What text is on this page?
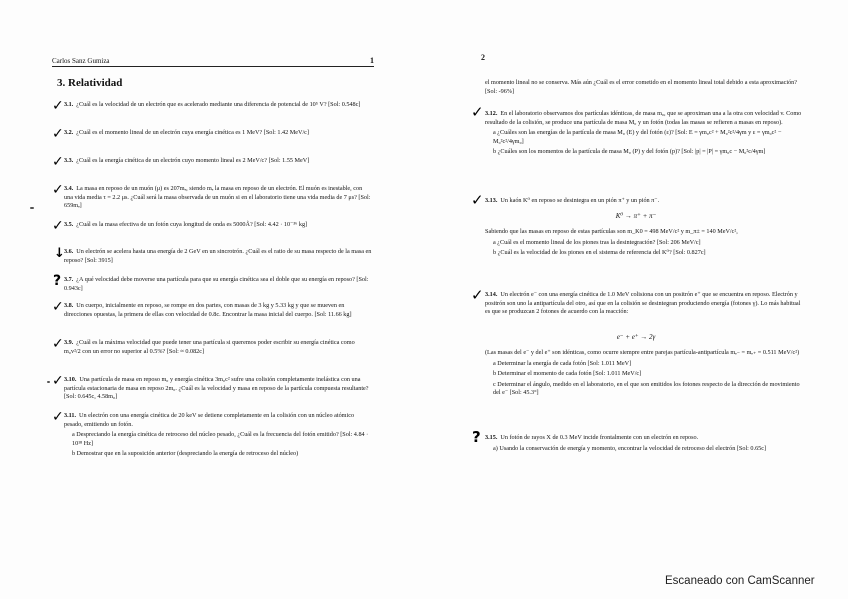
Carlos Sanz Gumiza	1
3. Relatividad
3.1. ¿Cuál es la velocidad de un electrón que es acelerado mediante una diferencia de potencial de 10⁵ V? [Sol: 0.548c]
3.2. ¿Cuál es el momento lineal de un electrón cuya energía cinética es 1 MeV? [Sol: 1.42 MeV/c]
3.3. ¿Cuál es la energía cinética de un electrón cuyo momento lineal es 2 MeV/c? [Sol: 1.55 MeV]
3.4. La masa en reposo de un muón (μ) es 207mₑ, siendo mₑ la masa en reposo de un electrón. El muón es inestable, con una vida media τ = 2.2 μs. ¿Cuál será la masa observada de un muón si en el laboratorio tiene una vida media de 7 μs? [Sol: 659mₑ]
3.5. ¿Cuál es la masa efectiva de un fotón cuya longitud de onda es 5000Å? [Sol: 4.42 · 10⁻³⁶ kg]
3.6. Un electrón se acelera hasta una energía de 2 GeV en un sincrotrón. ¿Cuál es el ratio de su masa respecto de la masa en reposo? [Sol: 3915]
3.7. ¿A qué velocidad debe moverse una partícula para que su energía cinética sea el doble que su energía en reposo? [Sol: 0.943c]
3.8. Un cuerpo, inicialmente en reposo, se rompe en dos partes, con masas de 3 kg y 5.33 kg y que se mueven en direcciones opuestas, la primera de ellas con velocidad de 0.8c. Encontrar la masa inicial del cuerpo. [Sol: 11.66 kg]
3.9. ¿Cuál es la máxima velocidad que puede tener una partícula si queremos poder escribir su energía cinética como m₀v²/2 con un error no superior al 0.5%? [Sol: ≈ 0.082c]
3.10. Una partícula de masa en reposo m₀ y energía cinética 3m₀c² sufre una colisión completamente inelástica con una partícula estacionaria de masa en reposo 2m₀. ¿Cuál es la velocidad y masa en reposo de la partícula compuesta resultante? [Sol: 0.645c, 4.58m₀]
3.11. Un electrón con una energía cinética de 20 keV se detiene completamente en la colisión con un núcleo atómico pesado, emitiendo un fotón.
a Despreciando la energía cinética de retroceso del núcleo pesado, ¿Cuál es la frecuencia del fotón emitido? [Sol: 4.84 · 10¹⁸ Hz]
b Demostrar que en la suposición anterior (despreciando la energía de retroceso del núcleo)
✓
✓
✓
✓
✓
↓
?
✓
✓
✓
✓
2
el momento lineal no se conserva. Más aún ¿Cuál es el error cometido en el momento lineal total debido a esta aproximación? [Sol: -96%]
3.12. En el laboratorio observamos dos partículas idénticas, de masa m₀, que se aproximan una a la otra con velocidad v. Como resultado de la colisión, se produce una partícula de masa M₀ y un fotón (todas las masas se refieren a masas en reposo).
a ¿Cuáles son las energías de la partícula de masa M₀ (E) y del fotón (ε)? [Sol: E = γm₀c² + M₀²c²/4γm y ε = γm₀c² − M₀²c²/4γm₀]
b ¿Cuáles son los momentos de la partícula de masa M₀ (P) y del fotón (p)? [Sol: |p| = |P| = γm₀c − M₀²c/4γm]
3.13. Un kaón K⁰ en reposo se desintegra en un pión π⁺ y un pión π⁻.
K⁰ → π⁺ + π⁻
Sabiendo que las masas en reposo de estas partículas son m_K0 = 498 MeV/c² y m_π± = 140 MeV/c²,
a ¿Cuál es el momento lineal de los piones tras la desintegración? [Sol: 206 MeV/c]
b ¿Cuál es la velocidad de los piones en el sistema de referencia del K⁰? [Sol: 0.827c]
3.14. Un electrón e⁻ con una energía cinética de 1.0 MeV colisiona con un positrón e⁺ que se encuentra en reposo. Electrón y positrón son uno la antipartícula del otro, así que en la colisión se desintegran produciendo energía (fotones γ). Lo más habitual es que se produzcan 2 fotones de acuerdo con la reacción:
e⁻ + e⁺ → 2γ
(Las masas del e⁻ y del e⁺ son idénticas, como ocurre siempre entre parejas partícula-antipartícula mₑ₋ = mₑ₊ = 0.511 MeV/c²)
a Determinar la energía de cada fotón [Sol: 1.011 MeV]
b Determinar el momento de cada fotón [Sol: 1.011 MeV/c]
c Determinar el ángulo, medido en el laboratorio, en el que son emitidos los fotones respecto de la dirección de movimiento del e⁻ [Sol: 45.3°]
3.15. Un fotón de rayos X de 0.3 MeV incide frontalmente con un electrón en reposo.
a) Usando la conservación de energía y momento, encontrar la velocidad de retroceso del electrón [Sol: 0.65c]
✓
✓
✓
?
Escaneado con CamScanner
